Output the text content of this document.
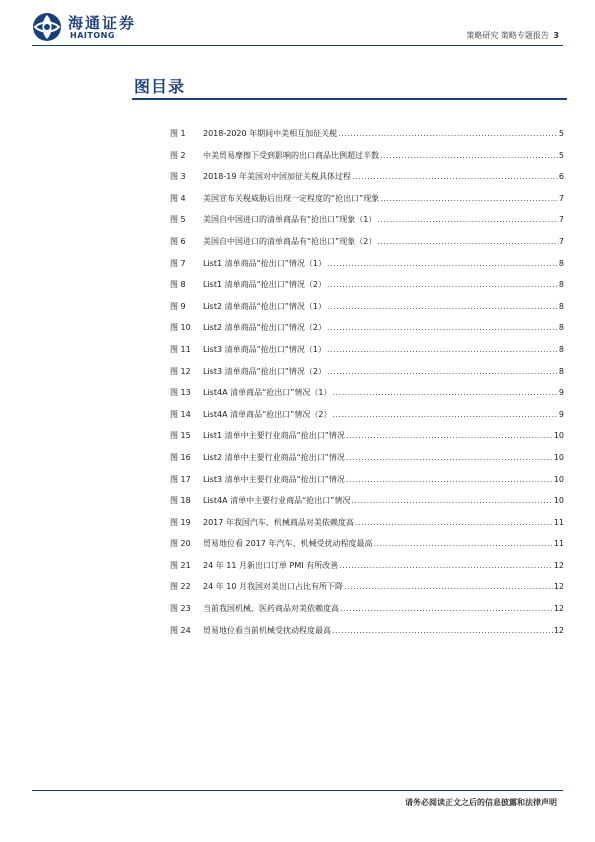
海通证券
HAITONG	策略研究 策略专题报告 3
图目录
图 1	2018-2020 年期间中美相互加征关税 .....	5
图 2	中美贸易摩擦下受到影响的出口商品比例超过半数 .....	5
图 3	2018-19 年美国对中国加征关税具体过程 .....	6
图 4	美国宣布关税威胁后出现一定程度的“抢出口”现象 .....	7
图 5	美国自中国进口的清单商品有“抢出口”现象（1） .....	7
图 6	美国自中国进口的清单商品有“抢出口”现象（2） .....	7
图 7	List1 清单商品“抢出口”情况（1） .....	8
图 8	List1 清单商品“抢出口”情况（2） .....	8
图 9	List2 清单商品“抢出口”情况（1） .....	8
图 10	List2 清单商品“抢出口”情况（2） .....	8
图 11	List3 清单商品“抢出口”情况（1） .....	8
图 12	List3 清单商品“抢出口”情况（2） .....	8
图 13	List4A 清单商品“抢出口”情况（1） .....	9
图 14	List4A 清单商品“抢出口”情况（2） .....	9
图 15	List1 清单中主要行业商品“抢出口”情况 .....	10
图 16	List2 清单中主要行业商品“抢出口”情况 .....	10
图 17	List3 清单中主要行业商品“抢出口”情况 .....	10
图 18	List4A 清单中主要行业商品“抢出口”情况 .....	10
图 19	2017 年我国汽车、机械商品对美依赖度高 .....	11
图 20	贸易地位看 2017 年汽车、机械受扰动程度最高 .....	11
图 21	24 年 11 月新出口订单 PMI 有所改善 .....	12
图 22	24 年 10 月我国对美出口占比有所下降 .....	12
图 23	当前我国机械、医药商品对美依赖度高 .....	12
图 24	贸易地位看当前机械受扰动程度最高 .....	12
请务必阅读正文之后的信息披露和法律声明
